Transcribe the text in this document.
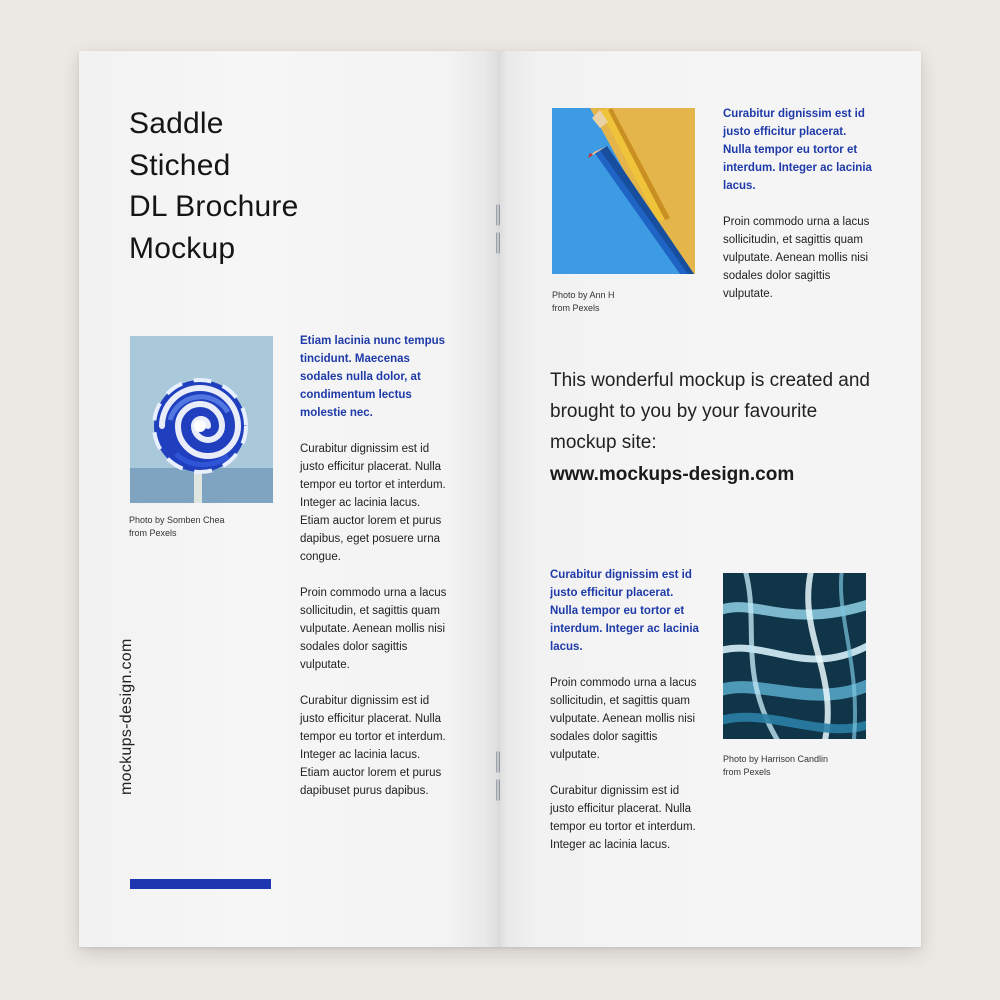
Saddle
Stiched
DL Brochure
Mockup

Photo by Somben Chea
from Pexels

Etiam lacinia nunc tempus tincidunt. Maecenas sodales nulla dolor, at condimentum lectus molestie nec.

Curabitur dignissim est id justo efficitur placerat. Nulla tempor eu tortor et interdum. Integer ac lacinia lacus. Etiam auctor lorem et purus dapibus, eget posuere urna congue.

Proin commodo urna a lacus sollicitudin, et sagittis quam vulputate. Aenean mollis nisi sodales dolor sagittis vulputate.

Curabitur dignissim est id justo efficitur placerat. Nulla tempor eu tortor et interdum. Integer ac lacinia lacus. Etiam auctor lorem et purus dapibuset purus dapibus.

mockups-design.com

Photo by Ann H
from Pexels

Curabitur dignissim est id justo efficitur placerat. Nulla tempor eu tortor et interdum. Integer ac lacinia lacus.

Proin commodo urna a lacus sollicitudin, et sagittis quam vulputate. Aenean mollis nisi sodales dolor sagittis vulputate.

This wonderful mockup is created and brought to you by your favourite mockup site:
www.mockups-design.com

Curabitur dignissim est id justo efficitur placerat. Nulla tempor eu tortor et interdum. Integer ac lacinia lacus.

Proin commodo urna a lacus sollicitudin, et sagittis quam vulputate. Aenean mollis nisi sodales dolor sagittis vulputate.

Curabitur dignissim est id justo efficitur placerat. Nulla tempor eu tortor et interdum. Integer ac lacinia lacus.

Photo by Harrison Candlin
from Pexels
